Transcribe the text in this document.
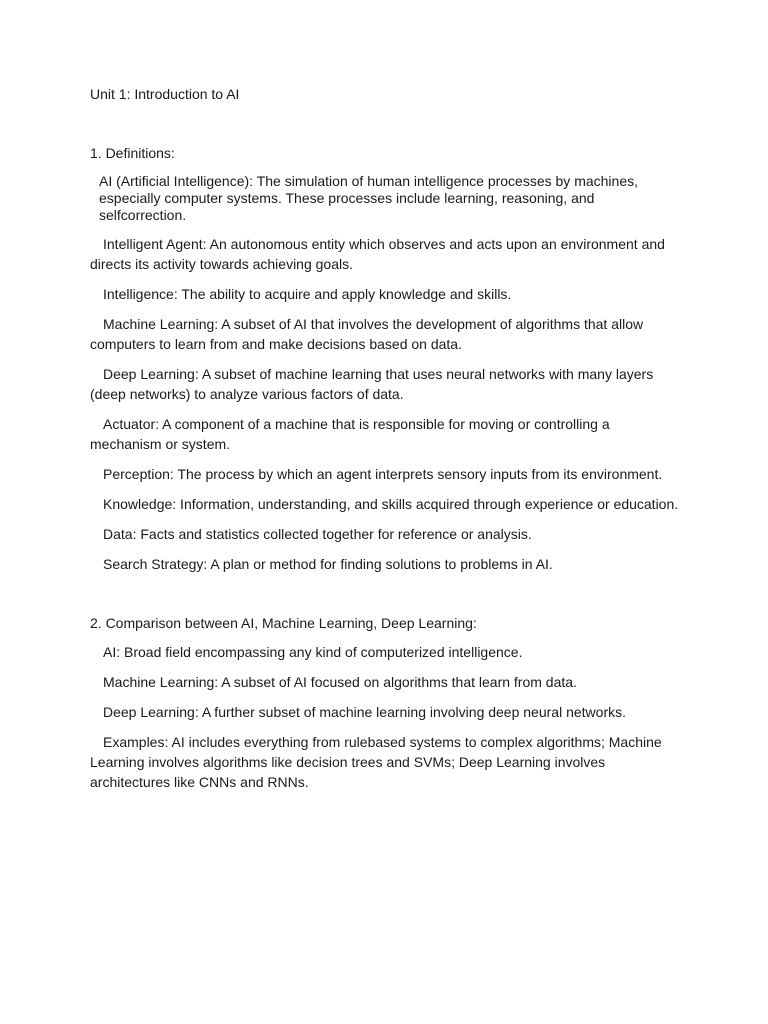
Unit 1: Introduction to AI

1. Definitions:

AI (Artificial Intelligence): The simulation of human intelligence processes by machines, especially computer systems. These processes include learning, reasoning, and selfcorrection.

Intelligent Agent: An autonomous entity which observes and acts upon an environment and directs its activity towards achieving goals.

Intelligence: The ability to acquire and apply knowledge and skills.

Machine Learning: A subset of AI that involves the development of algorithms that allow computers to learn from and make decisions based on data.

Deep Learning: A subset of machine learning that uses neural networks with many layers (deep networks) to analyze various factors of data.

Actuator: A component of a machine that is responsible for moving or controlling a mechanism or system.

Perception: The process by which an agent interprets sensory inputs from its environment.

Knowledge: Information, understanding, and skills acquired through experience or education.

Data: Facts and statistics collected together for reference or analysis.

Search Strategy: A plan or method for finding solutions to problems in AI.

2. Comparison between AI, Machine Learning, Deep Learning:

AI: Broad field encompassing any kind of computerized intelligence.

Machine Learning: A subset of AI focused on algorithms that learn from data.

Deep Learning: A further subset of machine learning involving deep neural networks.

Examples: AI includes everything from rulebased systems to complex algorithms; Machine Learning involves algorithms like decision trees and SVMs; Deep Learning involves architectures like CNNs and RNNs.
